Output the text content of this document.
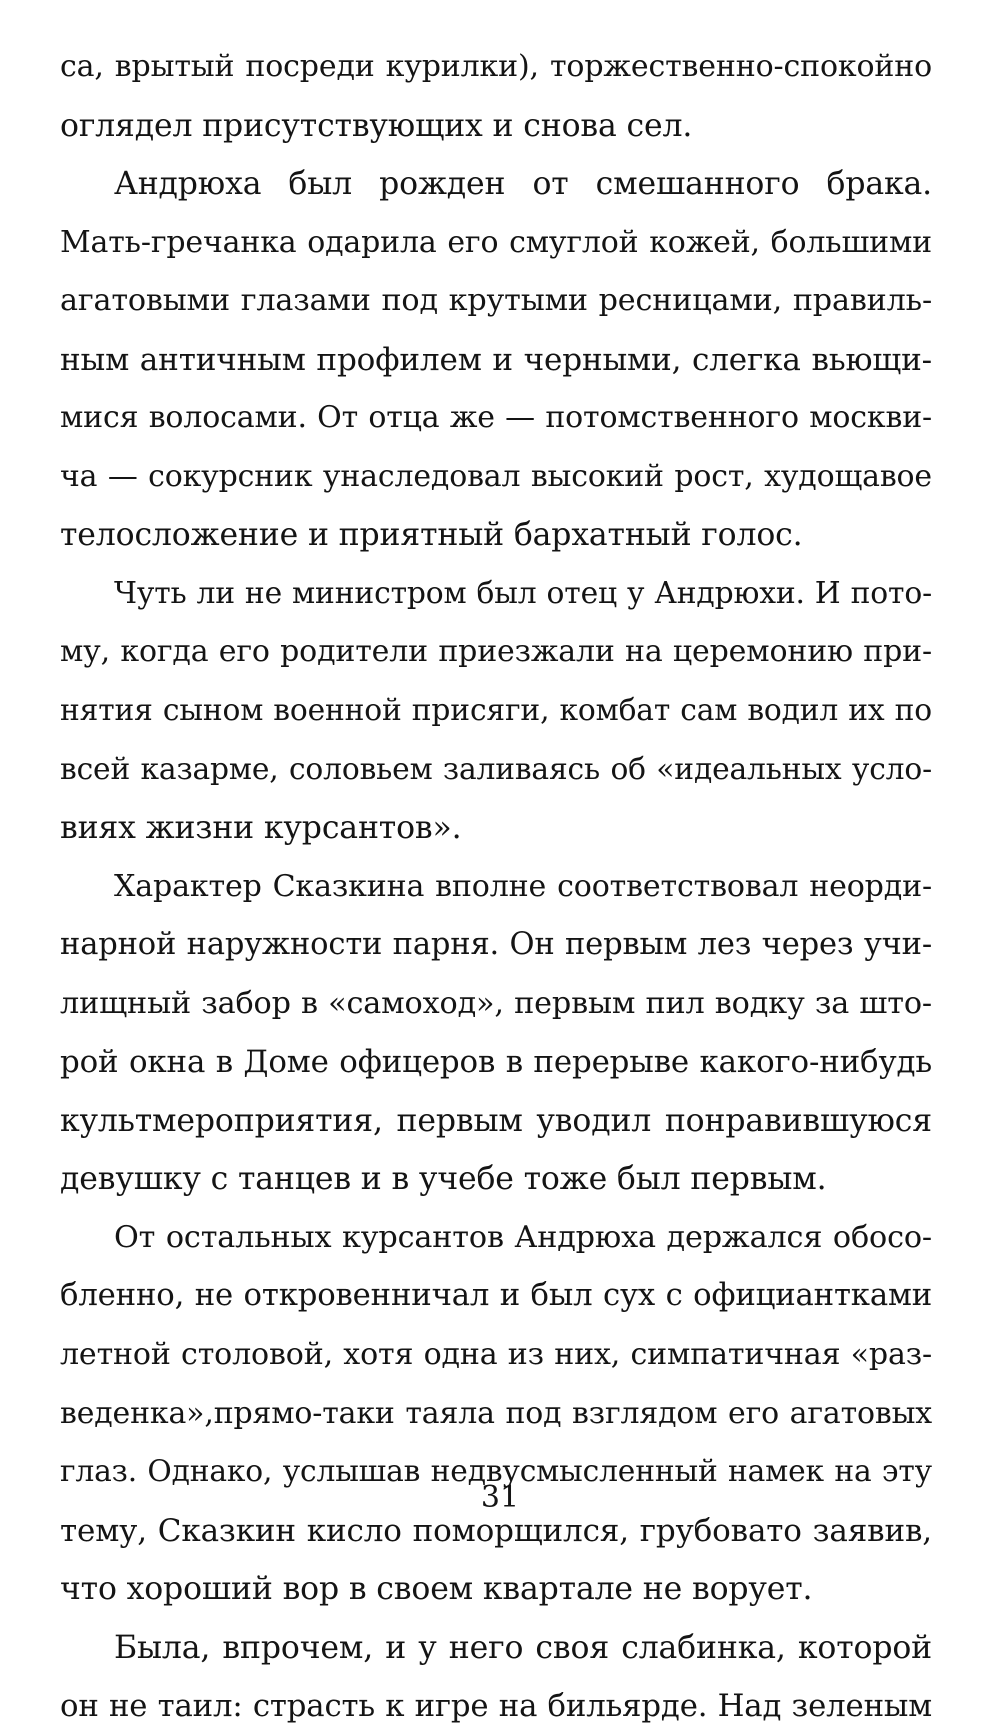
са, врытый посреди курилки), торжественно-спокойно
оглядел присутствующих и снова сел.
Андрюха был рожден от смешанного брака.
Мать-гречанка одарила его смуглой кожей, большими
агатовыми глазами под крутыми ресницами, правиль-
ным античным профилем и черными, слегка вьющи-
мися волосами. От отца же — потомственного москви-
ча — сокурсник унаследовал высокий рост, худощавое
телосложение и приятный бархатный голос.
Чуть ли не министром был отец у Андрюхи. И пото-
му, когда его родители приезжали на церемонию при-
нятия сыном военной присяги, комбат сам водил их по
всей казарме, соловьем заливаясь об «идеальных усло-
виях жизни курсантов».
Характер Сказкина вполне соответствовал неорди-
нарной наружности парня. Он первым лез через учи-
лищный забор в «самоход», первым пил водку за што-
рой окна в Доме офицеров в перерыве какого-нибудь
культмероприятия, первым уводил понравившуюся
девушку с танцев и в учебе тоже был первым.
От остальных курсантов Андрюха держался обосо-
бленно, не откровенничал и был сух с официантками
летной столовой, хотя одна из них, симпатичная «раз-
веденка»,прямо-таки таяла под взглядом его агатовых
глаз. Однако, услышав недвусмысленный намек на эту
тему, Сказкин кисло поморщился, грубовато заявив,
что хороший вор в своем квартале не ворует.
Была, впрочем, и у него своя слабинка, которой
он не таил: страсть к игре на бильярде. Над зеленым
31
